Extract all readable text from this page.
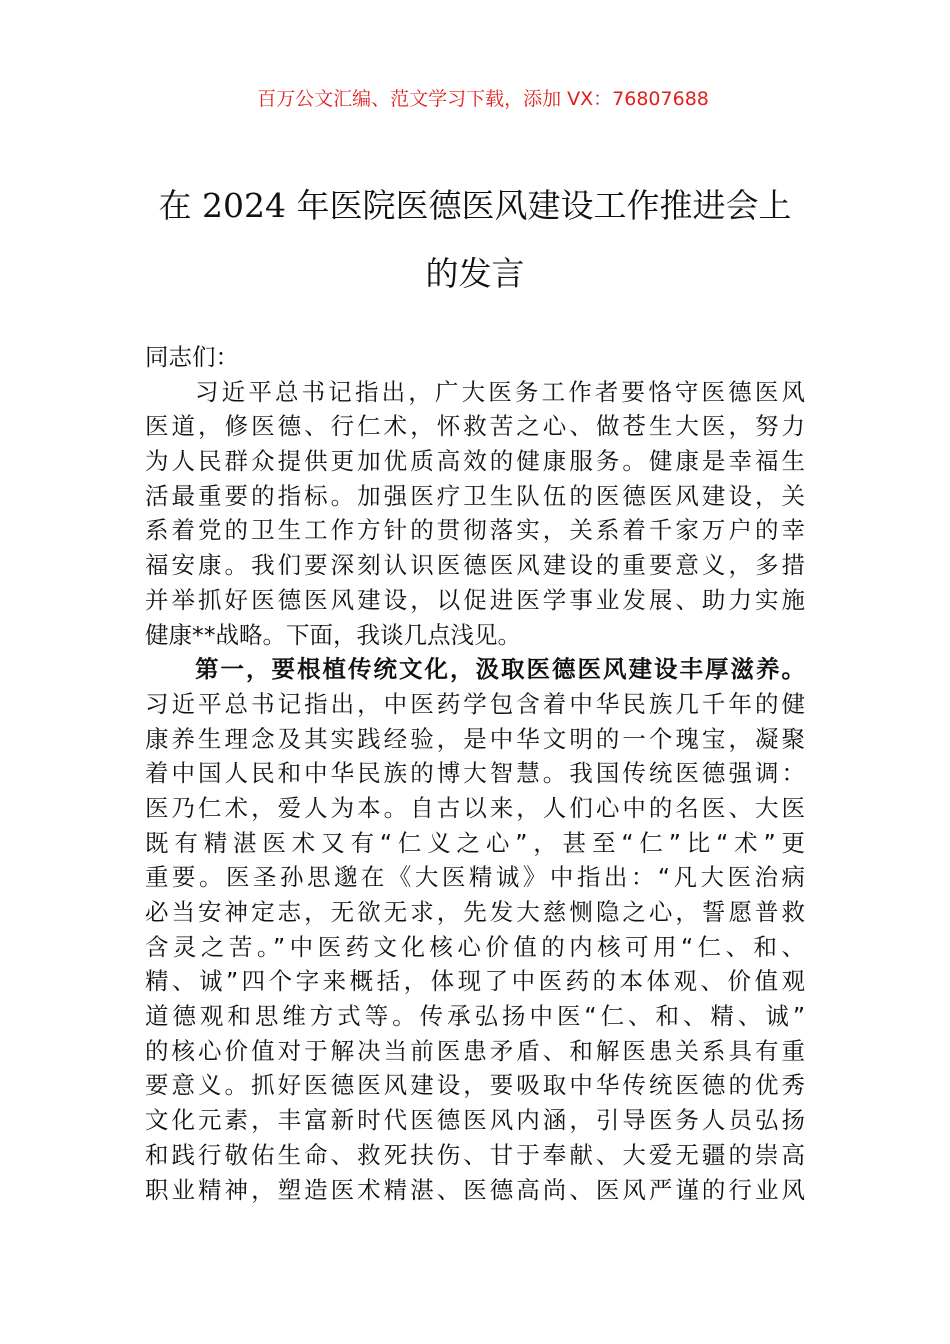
百万公文汇编、范文学习下载，添加 VX：76807688
在 2024 年医院医德医风建设工作推进会上
的发言
同志们：
习近平总书记指出，广大医务工作者要恪守医德医风
医道，修医德、行仁术，怀救苦之心、做苍生大医，努力
为人民群众提供更加优质高效的健康服务。健康是幸福生
活最重要的指标。加强医疗卫生队伍的医德医风建设，关
系着党的卫生工作方针的贯彻落实，关系着千家万户的幸
福安康。我们要深刻认识医德医风建设的重要意义，多措
并举抓好医德医风建设，以促进医学事业发展、助力实施
健康**战略。下面，我谈几点浅见。
第一，要根植传统文化，汲取医德医风建设丰厚滋养。
习近平总书记指出，中医药学包含着中华民族几千年的健
康养生理念及其实践经验，是中华文明的一个瑰宝，凝聚
着中国人民和中华民族的博大智慧。我国传统医德强调：
医乃仁术，爱人为本。自古以来，人们心中的名医、大医
既有精湛医术又有“仁义之心”，甚至“仁”比“术”更
重要。医圣孙思邈在《大医精诚》中指出：“凡大医治病
必当安神定志，无欲无求，先发大慈恻隐之心，誓愿普救
含灵之苦。”中医药文化核心价值的内核可用“仁、和、
精、诚”四个字来概括，体现了中医药的本体观、价值观
道德观和思维方式等。传承弘扬中医“仁、和、精、诚”
的核心价值对于解决当前医患矛盾、和解医患关系具有重
要意义。抓好医德医风建设，要吸取中华传统医德的优秀
文化元素，丰富新时代医德医风内涵，引导医务人员弘扬
和践行敬佑生命、救死扶伤、甘于奉献、大爱无疆的崇高
职业精神，塑造医术精湛、医德高尚、医风严谨的行业风
